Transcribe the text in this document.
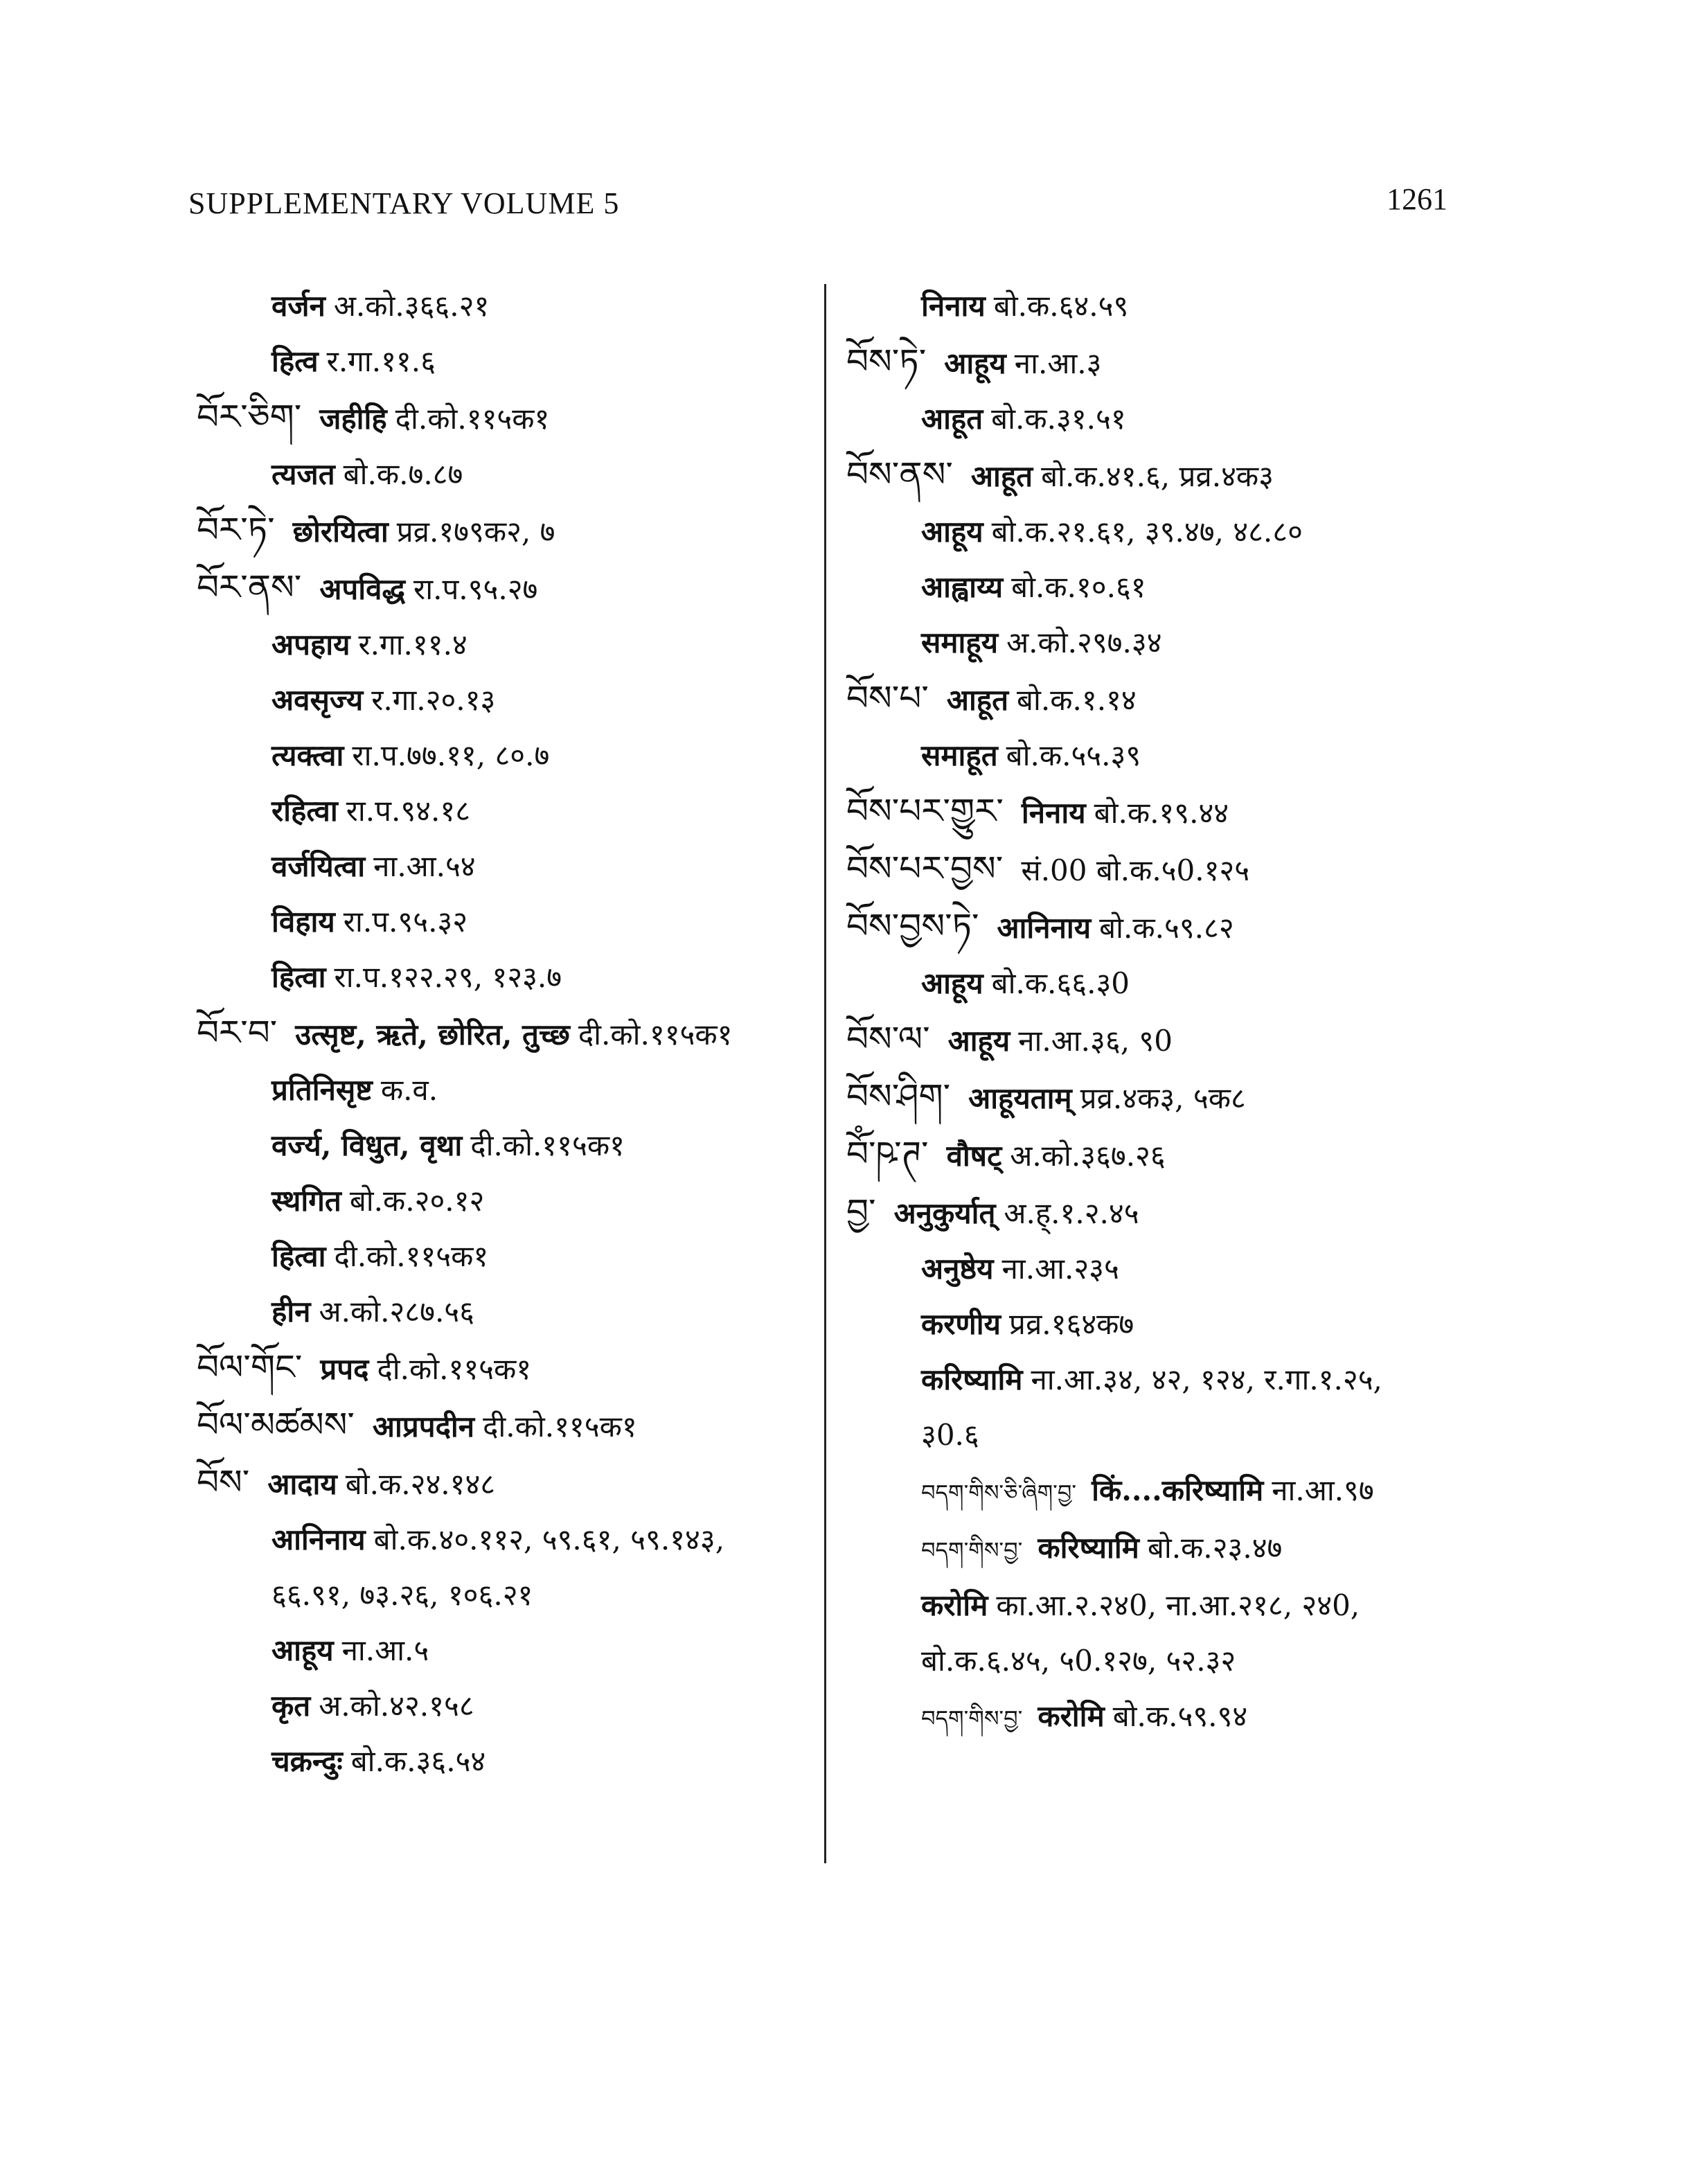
SUPPLEMENTARY VOLUME 5	1261
वर्जन अ.को.३६६.२१
हित्व र.गा.११.६
བོར་ཅིག་ जहीहि दी.को.११५क१
त्यजत बो.क.७.८७
བོར་ཏེ་ छोरयित्वा प्रव्र.१७९क२, ७
བོར་ནས་ अपविद्ध रा.प.९५.२७
अपहाय र.गा.११.४
अवसृज्य र.गा.२०.१३
त्यक्त्वा रा.प.७७.११, ८०.७
रहित्वा रा.प.९४.१८
वर्जयित्वा ना.आ.५४
विहाय रा.प.९५.३२
हित्वा रा.प.१२२.२९, १२३.७
བོར་བ་ उत्सृष्ट, ऋते, छोरित, तुच्छ दी.को.११५क१
प्रतिनिसृष्ट क.व.
वर्ज्य, विधुत, वृथा दी.को.११५क१
स्थगित बो.क.२०.१२
हित्वा दी.को.११५क१
हीन अ.को.२८७.५६
བོལ་གོང་ प्रपद दी.को.११५क१
བོལ་མཚམས་ आप्रपदीन दी.को.११५क१
བོས་ आदाय बो.क.२४.१४८
आनिनाय बो.क.४०.११२, ५९.६१, ५९.१४३,
६६.९१, ७३.२६, १०६.२१
आहूय ना.आ.५
कृत अ.को.४२.१५८
चक्रन्दुः बो.क.३६.५४
निनाय बो.क.६४.५९
བོས་ཏེ་ आहूय ना.आ.३
आहूत बो.क.३१.५१
བོས་ནས་ आहूत बो.क.४१.६, प्रव्र.४क३
आहूय बो.क.२१.६१, ३९.४७, ४८.८०
आह्वाय्य बो.क.१०.६१
समाहूय अ.को.२९७.३४
བོས་པ་ आहूत बो.क.१.१४
समाहूत बो.क.५५.३९
བོས་པར་གྱུར་ निनाय बो.क.१९.४४
བོས་པར་བྱས་ सं.00 बो.क.५0.१२५
བོས་བྱས་ཏེ་ आनिनाय बो.क.५९.८२
आहूय बो.क.६६.३0
བོས་ལ་ आहूय ना.आ.३६, ९0
བོས་ཤིག་ आहूयताम् प्रव्र.४क३, ५क८
བོཾ་ཥ་ཊ་ वौषट् अ.को.३६७.२६
བྱ་ अनुकुर्यात् अ.ह्.१.२.४५
अनुष्ठेय ना.आ.२३५
करणीय प्रव्र.१६४क७
करिष्यामि ना.आ.३४, ४२, १२४, र.गा.१.२५,
३0.६
བདག་གིས་ཅི་ཞིག་བྱ་ किं....करिष्यामि ना.आ.९७
བདག་གིས་བྱ་ करिष्यामि बो.क.२३.४७
करोमि का.आ.२.२४0, ना.आ.२१८, २४0,
बो.क.६.४५, ५0.१२७, ५२.३२
བདག་གིས་བྱ་ करोमि बो.क.५९.९४
